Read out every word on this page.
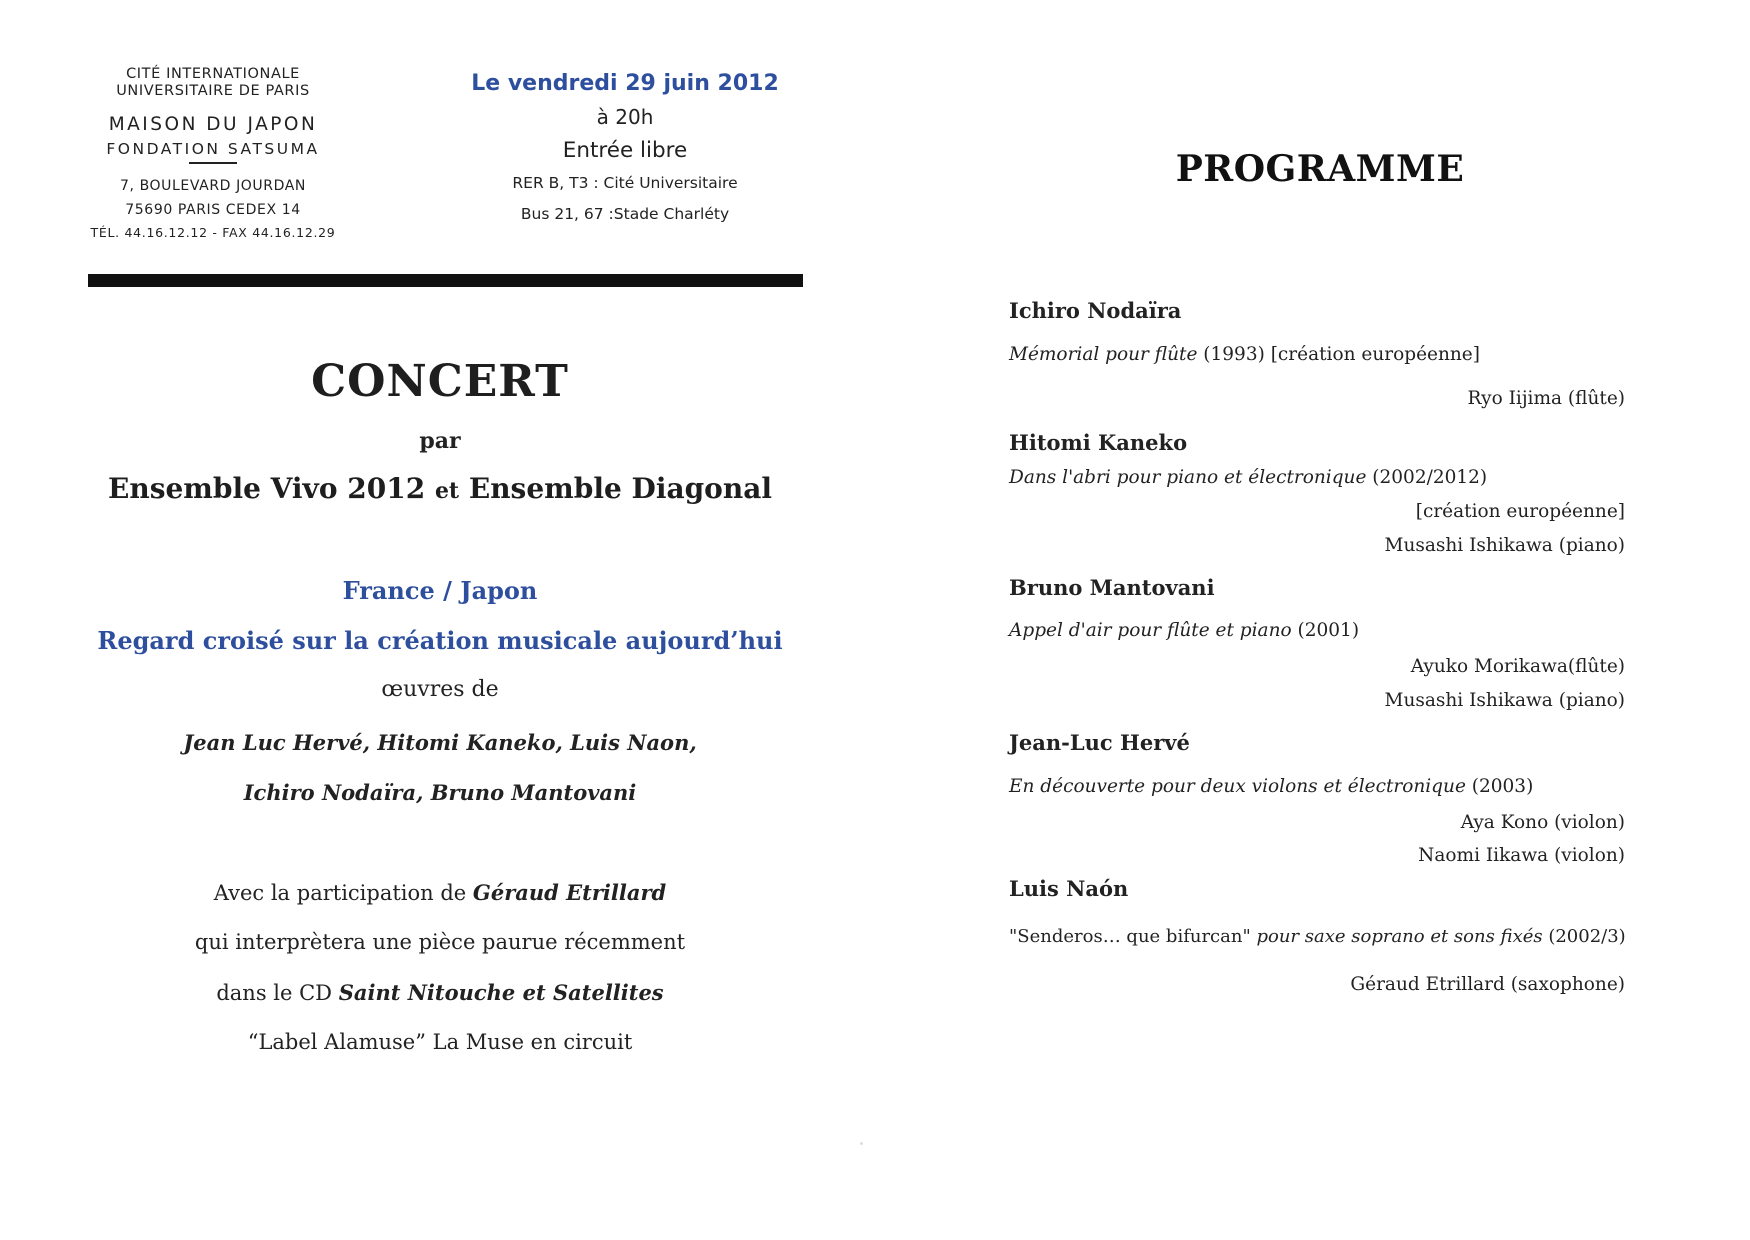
CITÉ INTERNATIONALE
UNIVERSITAIRE DE PARIS
MAISON DU JAPON
FONDATION SATSUMA
7, BOULEVARD JOURDAN
75690 PARIS CEDEX 14
TÉL. 44.16.12.12 - FAX 44.16.12.29
Le vendredi 29 juin 2012
à 20h
Entrée libre
RER B, T3 : Cité Universitaire
Bus 21, 67 :Stade Charléty
CONCERT
par
Ensemble Vivo 2012 et Ensemble Diagonal
France / Japon
Regard croisé sur la création musicale aujourd’hui
œuvres de
Jean Luc Hervé, Hitomi Kaneko, Luis Naon,
Ichiro Nodaïra, Bruno Mantovani
Avec la participation de Géraud Etrillard
qui interprètera une pièce paurue récemment
dans le CD Saint Nitouche et Satellites
“Label Alamuse” La Muse en circuit
PROGRAMME
Ichiro Nodaïra
Mémorial pour flûte (1993) [création européenne]
Ryo Iijima (flûte)
Hitomi Kaneko
Dans l'abri pour piano et électronique (2002/2012)
[création européenne]
Musashi Ishikawa (piano)
Bruno Mantovani
Appel d'air pour flûte et piano (2001)
Ayuko Morikawa(flûte)
Musashi Ishikawa (piano)
Jean-Luc Hervé
En découverte pour deux violons et électronique (2003)
Aya Kono (violon)
Naomi Iikawa (violon)
Luis Naón
"Senderos… que bifurcan" pour saxe soprano et sons fixés (2002/3)
Géraud Etrillard (saxophone)
